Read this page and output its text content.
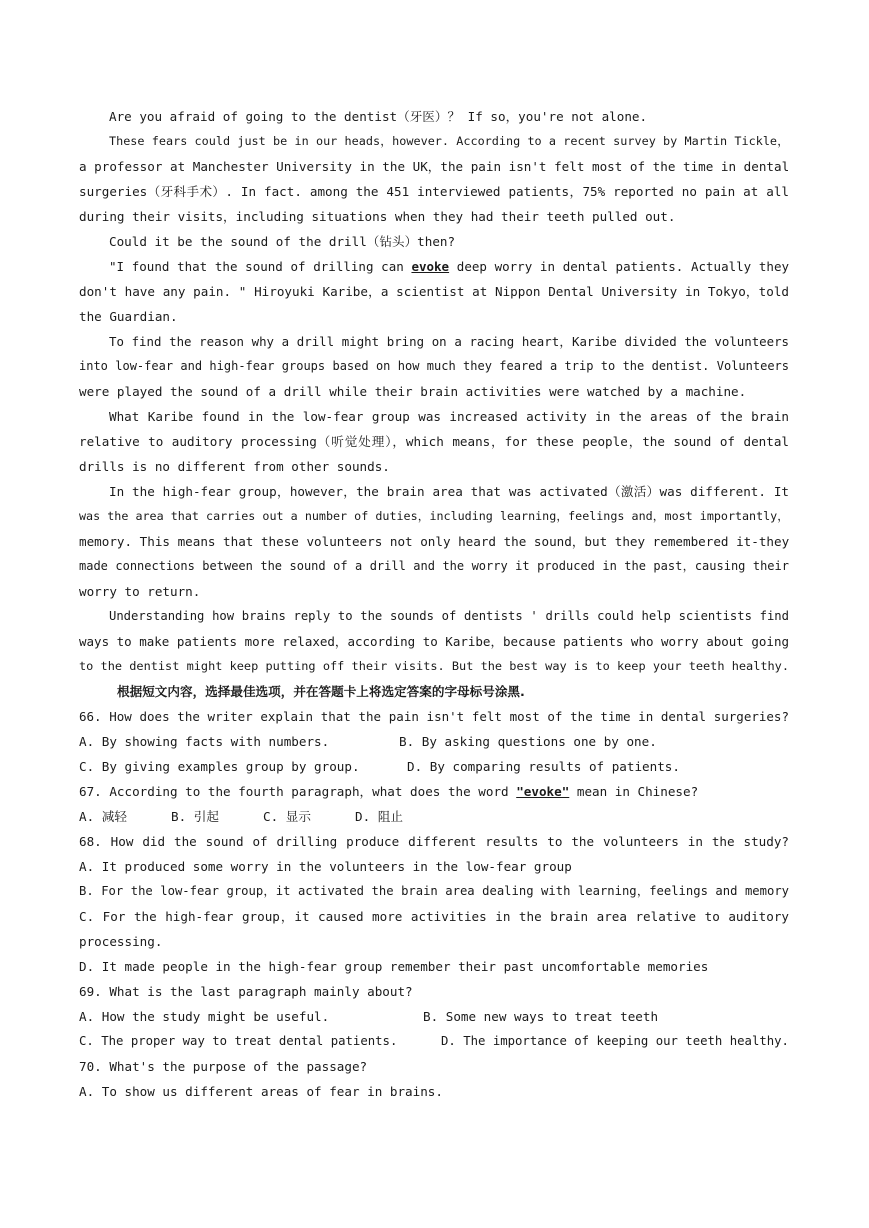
Are you afraid of going to the dentist（牙医）？ If so，you're not alone.
These fears could just be in our heads，however. According to a recent survey by Martin Tickle，
a professor at Manchester University in the UK，the pain isn't felt most of the time in dental
surgeries（牙科手术）. In fact. among the 451 interviewed patients，75% reported no pain at all
during their visits，including situations when they had their teeth pulled out.
Could it be the sound of the drill（钻头）then?
"I found that the sound of drilling can evoke deep worry in dental patients. Actually they
don't have any pain. " Hiroyuki Karibe，a scientist at Nippon Dental University in Tokyo，told
the Guardian.
To find the reason why a drill might bring on a racing heart，Karibe divided the volunteers
into low-fear and high-fear groups based on how much they feared a trip to the dentist. Volunteers
were played the sound of a drill while their brain activities were watched by a machine.
What Karibe found in the low-fear group was increased activity in the areas of the brain
relative to auditory processing（听觉处理），which means，for these people，the sound of dental
drills is no different from other sounds.
In the high-fear group，however，the brain area that was activated（激活）was different. It
was the area that carries out a number of duties，including learning，feelings and，most importantly，
memory. This means that these volunteers not only heard the sound，but they remembered it-they
made connections between the sound of a drill and the worry it produced in the past，causing their
worry to return.
Understanding how brains reply to the sounds of dentists ' drills could help scientists find
ways to make patients more relaxed，according to Karibe，because patients who worry about going
to the dentist might keep putting off their visits. But the best way is to keep your teeth healthy.
根据短文内容，选择最佳选项，并在答题卡上将选定答案的字母标号涂黑.
66. How does the writer explain that the pain isn't felt most of the time in dental surgeries?
A. By showing facts with numbers.	B. By asking questions one by one.
C. By giving examples group by group.	D. By comparing results of patients.
67. According to the fourth paragraph，what does the word "evoke" mean in Chinese?
A. 减轻	B. 引起	C. 显示	D. 阻止
68. How did the sound of drilling produce different results to the volunteers in the study?
A. It produced some worry in the volunteers in the low-fear group
B. For the low-fear group，it activated the brain area dealing with learning，feelings and memory
C. For the high-fear group，it caused more activities in the brain area relative to auditory
processing.
D. It made people in the high-fear group remember their past uncomfortable memories
69. What is the last paragraph mainly about?
A. How the study might be useful.	B. Some new ways to treat teeth
C. The proper way to treat dental patients.	D. The importance of keeping our teeth healthy.
70. What's the purpose of the passage?
A. To show us different areas of fear in brains.
